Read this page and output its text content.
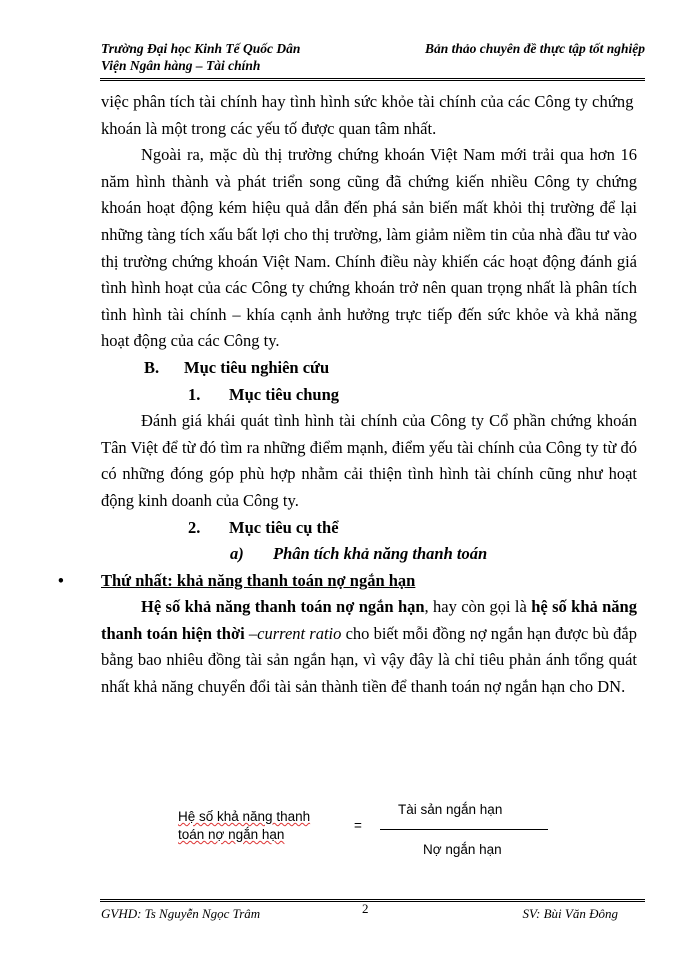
Trường Đại học Kinh Tế Quốc Dân
Viện Ngân hàng – Tài chính
Bản thảo chuyên đề thực tập tốt nghiệp
việc phân tích tài chính hay tình hình sức khỏe tài chính của các Công ty chứng
khoán là một trong các yếu tố được quan tâm nhất.

Ngoài ra, mặc dù thị trường chứng khoán Việt Nam mới trải qua hơn 16 năm hình thành và phát triển song cũng đã chứng kiến nhiều Công ty chứng khoán hoạt động kém hiệu quả dẫn đến phá sản biến mất khỏi thị trường để lại những tàng tích xấu bất lợi cho thị trường, làm giảm niềm tin của nhà đầu tư vào thị trường chứng khoán Việt Nam. Chính điều này khiến các hoạt động đánh giá tình hình hoạt của các Công ty chứng khoán trở nên quan trọng nhất là phân tích tình hình tài chính – khía cạnh ảnh hưởng trực tiếp đến sức khỏe và khả năng hoạt động của các Công ty.

B. Mục tiêu nghiên cứu
1. Mục tiêu chung

Đánh giá khái quát tình hình tài chính của Công ty Cổ phần chứng khoán Tân Việt để từ đó tìm ra những điểm mạnh, điểm yếu tài chính của Công ty từ đó có những đóng góp phù hợp nhằm cải thiện tình hình tài chính cũng như hoạt động kinh doanh của Công ty.

2. Mục tiêu cụ thể
a) Phân tích khả năng thanh toán
• Thứ nhất: khả năng thanh toán nợ ngắn hạn

Hệ số khả năng thanh toán nợ ngắn hạn, hay còn gọi là hệ số khả năng thanh toán hiện thời –current ratio cho biết mỗi đồng nợ ngắn hạn được bù đắp bằng bao nhiêu đồng tài sản ngắn hạn, vì vậy đây là chỉ tiêu phản ánh tổng quát nhất khả năng chuyển đổi tài sản thành tiền để thanh toán nợ ngắn hạn cho DN.

Hệ số khả năng thanh
toán nợ ngắn hạn
=
Tài sản ngắn hạn
Nợ ngắn hạn
GVHD: Ts Nguyễn Ngọc Trâm	2	SV: Bùi Văn Đông
